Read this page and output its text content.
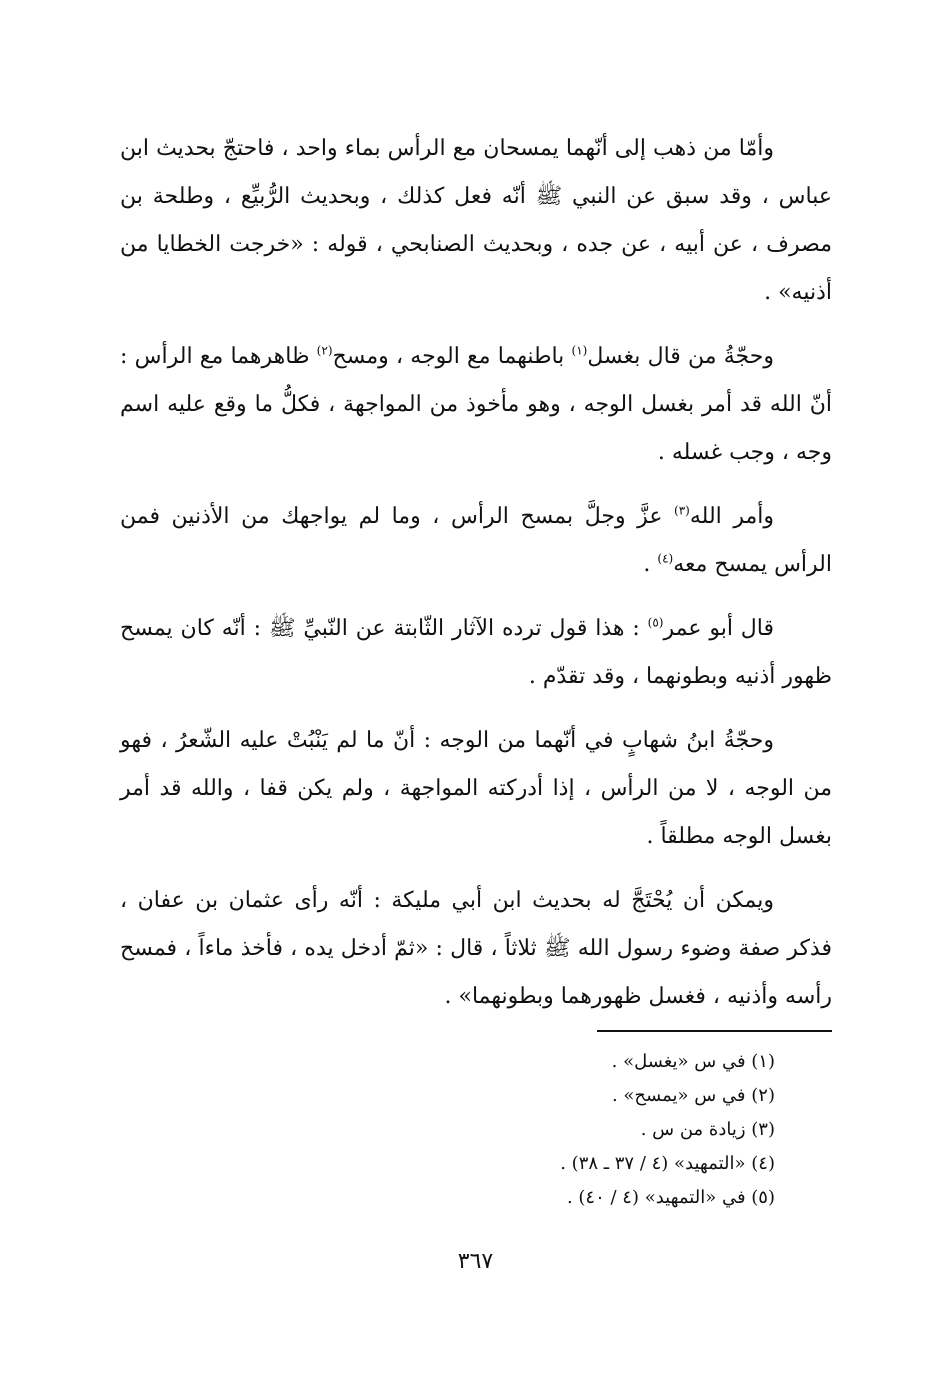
وأمّا من ذهب إلى أنّهما يمسحان مع الرأس بماء واحد ، فاحتجّ بحديث ابن عباس ، وقد سبق عن النبي ﷺ أنّه فعل كذلك ، وبحديث الرُّبيِّع ، وطلحة بن مصرف ، عن أبيه ، عن جده ، وبحديث الصنابحي ، قوله : «خرجت الخطايا من أذنيه» .

وحجّةُ من قال بغسل$^{(١)}$ باطنهما مع الوجه ، ومسح$^{(٢)}$ ظاهرهما مع الرأس : أنّ الله قد أمر بغسل الوجه ، وهو مأخوذ من المواجهة ، فكلُّ ما وقع عليه اسم وجه ، وجب غسله .

وأمر الله$^{(٣)}$ عزَّ وجلَّ بمسح الرأس ، وما لم يواجهك من الأذنين فمن الرأس يمسح معه$^{(٤)}$ .

قال أبو عمر$^{(٥)}$ : هذا قول ترده الآثار الثّابتة عن النّبيِّ ﷺ : أنّه كان يمسح ظهور أذنيه وبطونهما ، وقد تقدّم .

وحجّةُ ابنُ شهابٍ في أنّهما من الوجه : أنّ ما لم يَنْبُتْ عليه الشّعرُ ، فهو من الوجه ، لا من الرأس ، إذا أدركته المواجهة ، ولم يكن قفا ، والله قد أمر بغسل الوجه مطلقاً .

ويمكن أن يُحْتَجَّ له بحديث ابن أبي مليكة : أنّه رأى عثمان بن عفان ، فذكر صفة وضوء رسول الله ﷺ ثلاثاً ، قال : «ثمّ أدخل يده ، فأخذ ماءاً ، فمسح رأسه وأذنيه ، فغسل ظهورهما وبطونهما» .

(١) في س «يغسل» .
(٢) في س «يمسح» .
(٣) زيادة من س .
(٤) «التمهيد» (٤ / ٣٧ ـ ٣٨) .
(٥) في «التمهيد» (٤ / ٤٠) .
٣٦٧
